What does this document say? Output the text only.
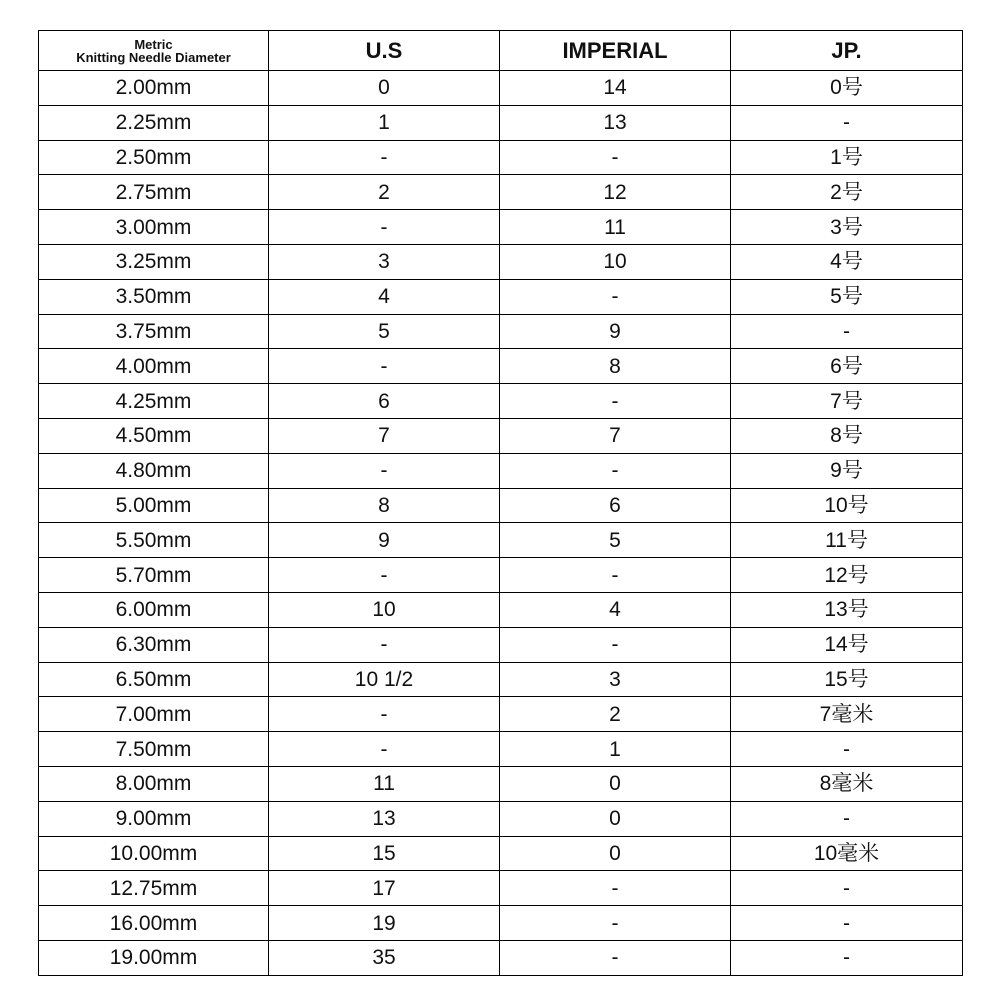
Metric
Knitting Needle Diameter	U.S	IMPERIAL	JP.
2.00mm	0	14	0号
2.25mm	1	13	-
2.50mm	-	-	1号
2.75mm	2	12	2号
3.00mm	-	11	3号
3.25mm	3	10	4号
3.50mm	4	-	5号
3.75mm	5	9	-
4.00mm	-	8	6号
4.25mm	6	-	7号
4.50mm	7	7	8号
4.80mm	-	-	9号
5.00mm	8	6	10号
5.50mm	9	5	11号
5.70mm	-	-	12号
6.00mm	10	4	13号
6.30mm	-	-	14号
6.50mm	10 1/2	3	15号
7.00mm	-	2	7毫米
7.50mm	-	1	-
8.00mm	11	0	8毫米
9.00mm	13	0	-
10.00mm	15	0	10毫米
12.75mm	17	-	-
16.00mm	19	-	-
19.00mm	35	-	-
